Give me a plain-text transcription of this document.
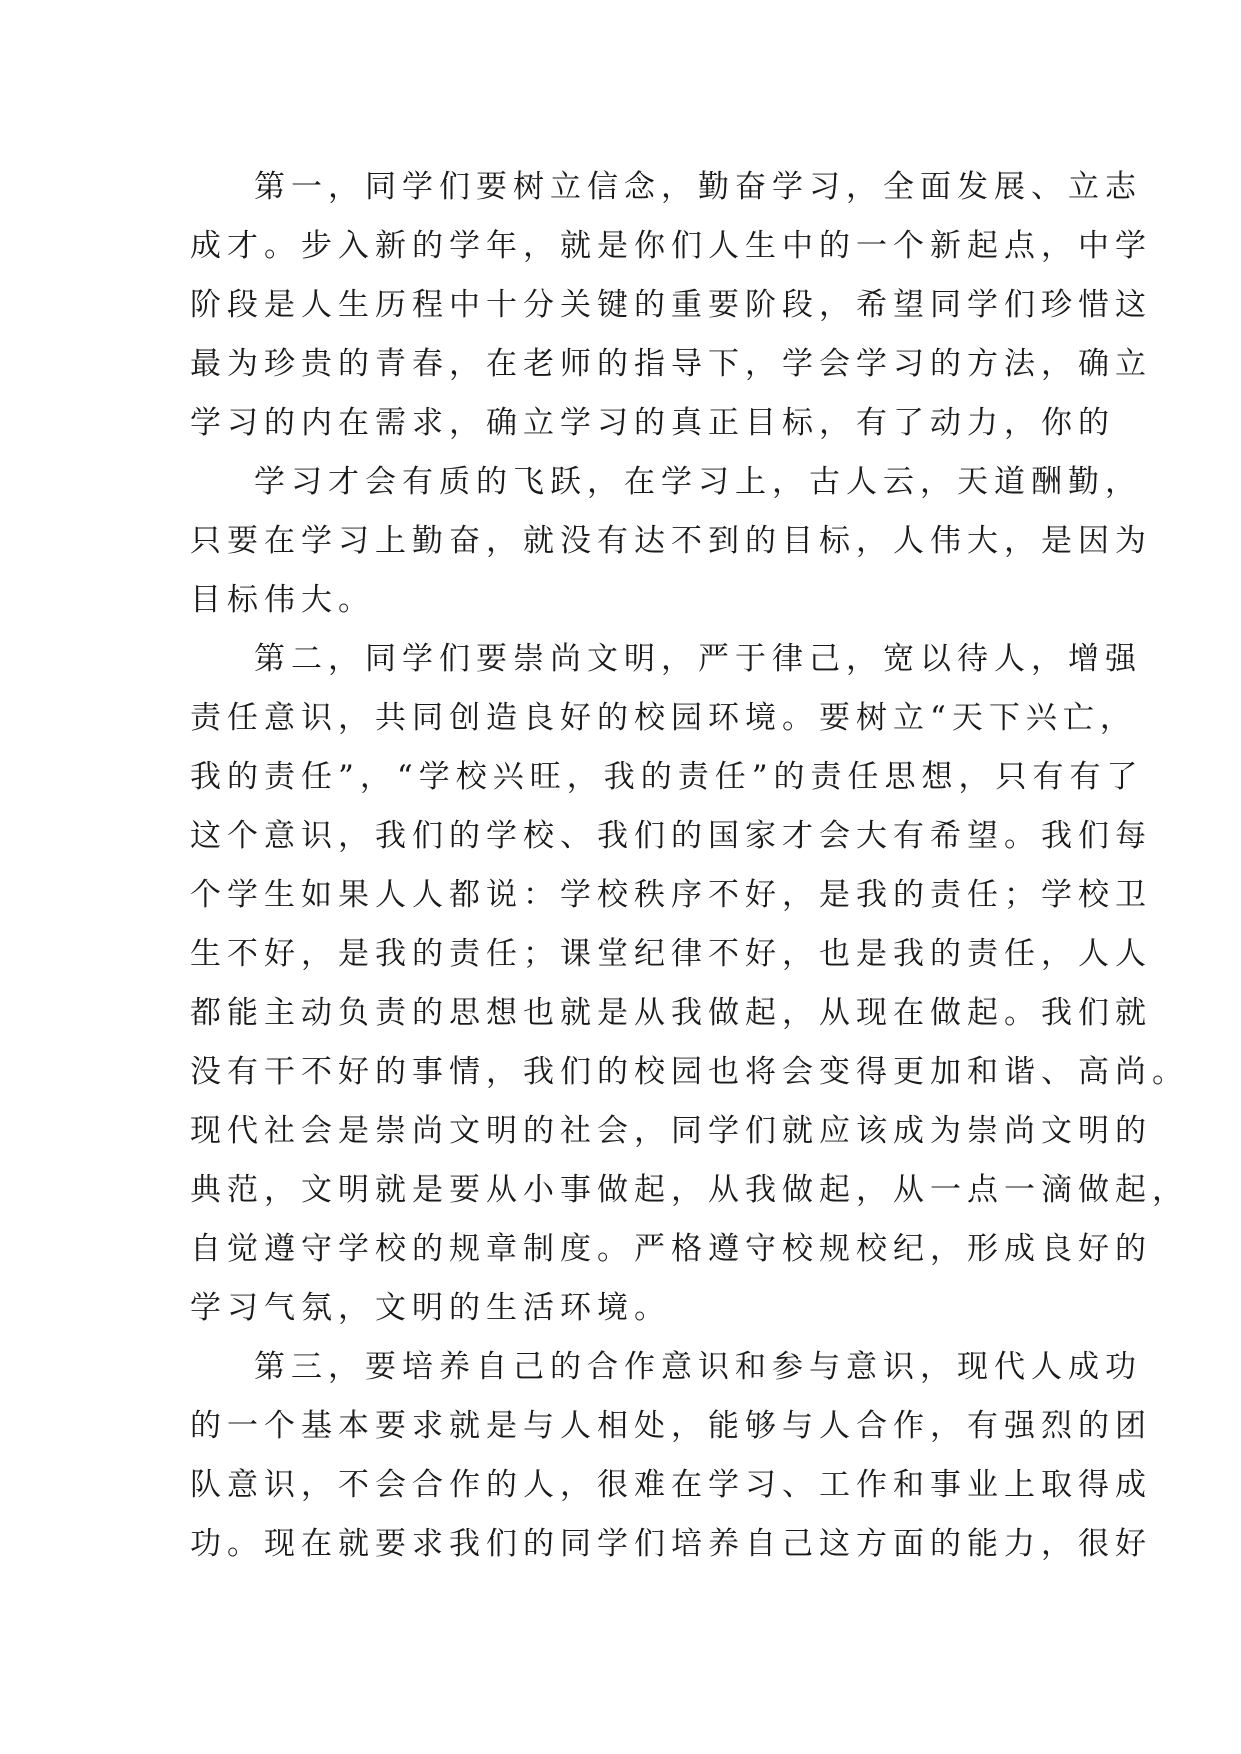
第一，同学们要树立信念，勤奋学习，全面发展、立志
成才。步入新的学年，就是你们人生中的一个新起点，中学
阶段是人生历程中十分关键的重要阶段，希望同学们珍惜这
最为珍贵的青春，在老师的指导下，学会学习的方法，确立
学习的内在需求，确立学习的真正目标，有了动力，你的
学习才会有质的飞跃，在学习上，古人云，天道酬勤，
只要在学习上勤奋，就没有达不到的目标，人伟大，是因为
目标伟大。
第二，同学们要崇尚文明，严于律己，宽以待人，增强
责任意识，共同创造良好的校园环境。要树立“天下兴亡，
我的责任”，“学校兴旺，我的责任”的责任思想，只有有了
这个意识，我们的学校、我们的国家才会大有希望。我们每
个学生如果人人都说：学校秩序不好，是我的责任；学校卫
生不好，是我的责任；课堂纪律不好，也是我的责任，人人
都能主动负责的思想也就是从我做起，从现在做起。我们就
没有干不好的事情，我们的校园也将会变得更加和谐、高尚。
现代社会是崇尚文明的社会，同学们就应该成为崇尚文明的
典范，文明就是要从小事做起，从我做起，从一点一滴做起，
自觉遵守学校的规章制度。严格遵守校规校纪，形成良好的
学习气氛，文明的生活环境。
第三，要培养自己的合作意识和参与意识，现代人成功
的一个基本要求就是与人相处，能够与人合作，有强烈的团
队意识，不会合作的人，很难在学习、工作和事业上取得成
功。现在就要求我们的同学们培养自己这方面的能力，很好
